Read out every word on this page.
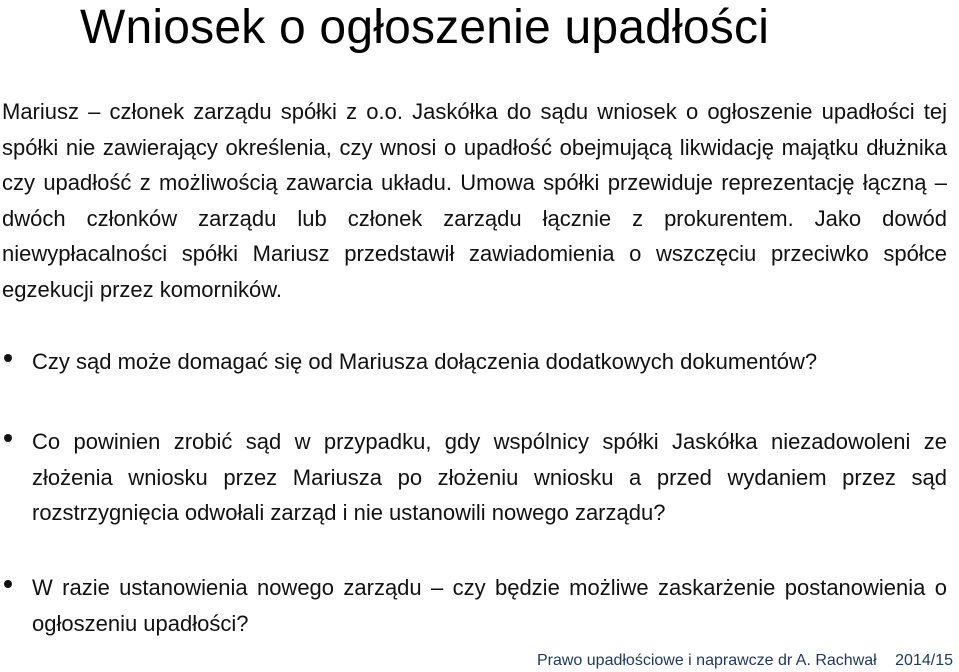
Wniosek o ogłoszenie upadłości

Mariusz – członek zarządu spółki z o.o. Jaskółka do sądu wniosek o ogłoszenie upadłości tej spółki nie zawierający określenia, czy wnosi o upadłość obejmującą likwidację majątku dłużnika czy upadłość z możliwością zawarcia układu. Umowa spółki przewiduje reprezentację łączną – dwóch członków zarządu lub członek zarządu łącznie z prokurentem. Jako dowód niewypłacalności spółki Mariusz przedstawił zawiadomienia o wszczęciu przeciwko spółce egzekucji przez komorników.

Czy sąd może domagać się od Mariusza dołączenia dodatkowych dokumentów?
Co powinien zrobić sąd w przypadku, gdy wspólnicy spółki Jaskółka niezadowoleni ze złożenia wniosku przez Mariusza po złożeniu wniosku a przed wydaniem przez sąd rozstrzygnięcia odwołali zarząd i nie ustanowili nowego zarządu?
W razie ustanowienia nowego zarządu – czy będzie możliwe zaskarżenie postanowienia o ogłoszeniu upadłości?
Prawo upadłościowe i naprawcze dr A. Rachwał 2014/15
